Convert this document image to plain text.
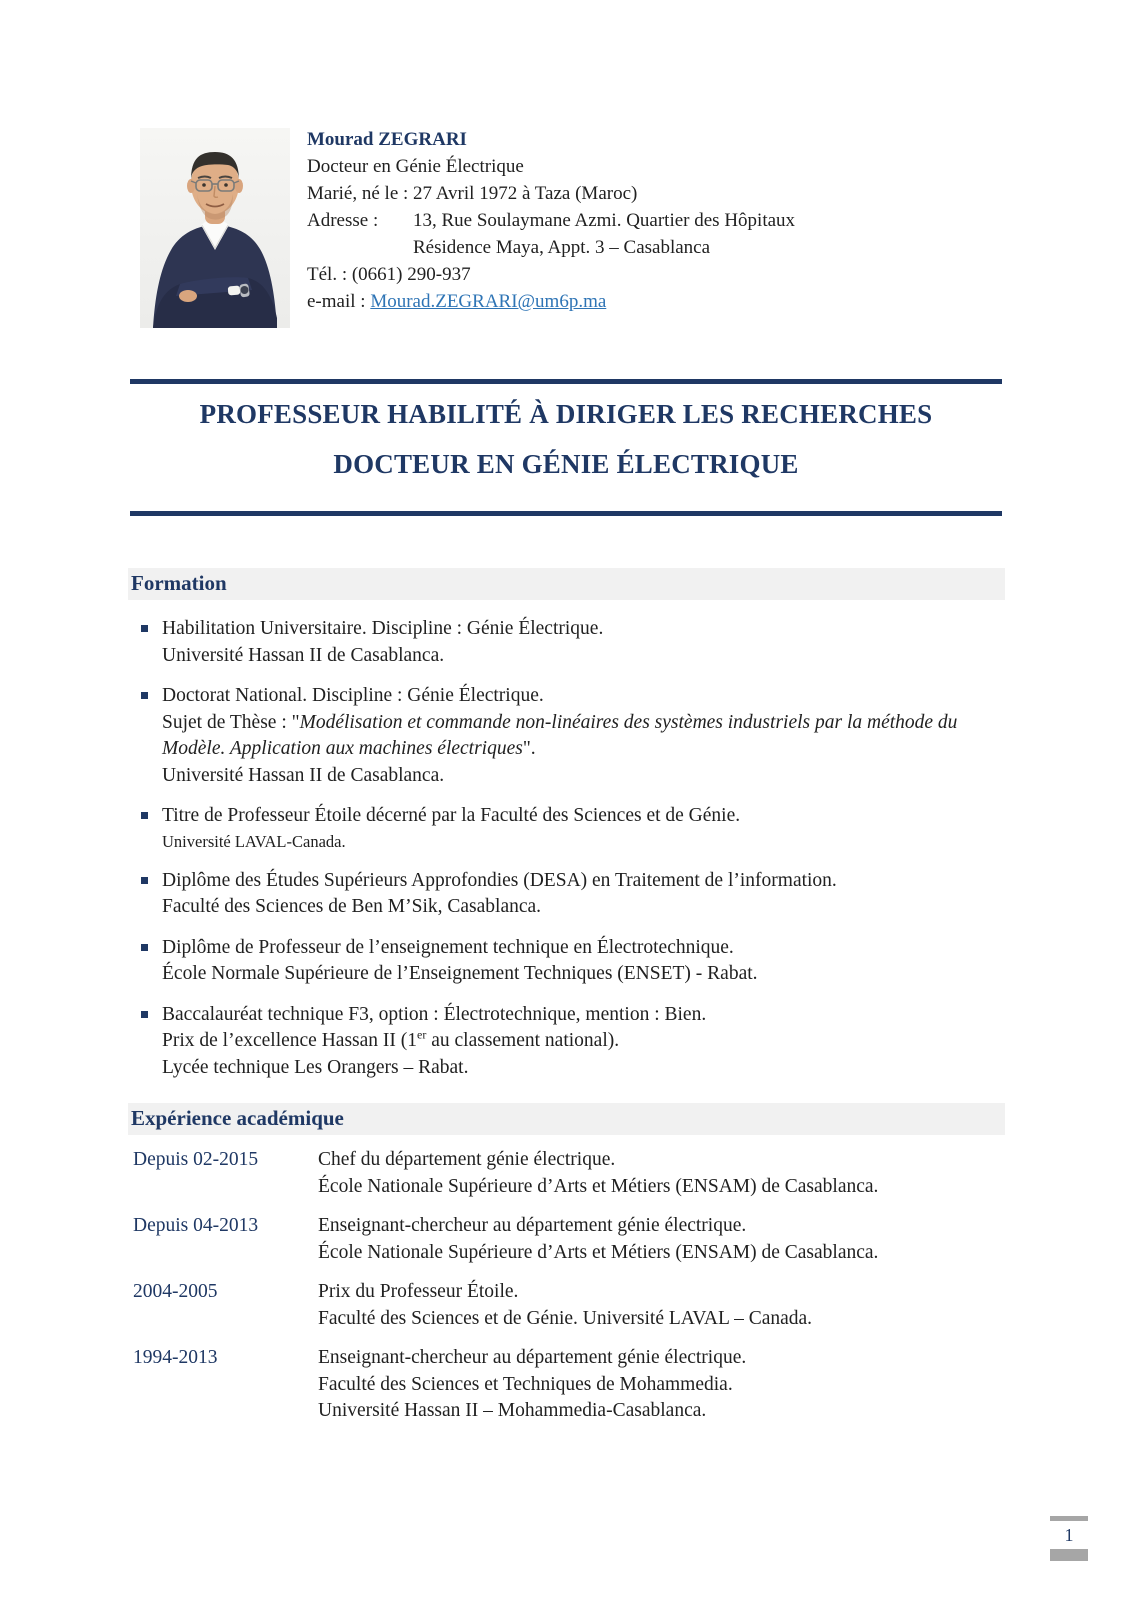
Mourad ZEGRARI
Docteur en Génie Électrique
Marié, né le : 27 Avril 1972 à Taza (Maroc)
Adresse :	13, Rue Soulaymane Azmi. Quartier des Hôpitaux
Résidence Maya, Appt. 3 – Casablanca
Tél. : (0661) 290-937
e-mail : Mourad.ZEGRARI@um6p.ma
PROFESSEUR HABILITÉ À DIRIGER LES RECHERCHES
DOCTEUR EN GÉNIE ÉLECTRIQUE
Formation
Habilitation Universitaire. Discipline : Génie Électrique.
Université Hassan II de Casablanca.
Doctorat National. Discipline : Génie Électrique.
Sujet de Thèse : "Modélisation et commande non-linéaires des systèmes industriels par la méthode du Modèle. Application aux machines électriques".
Université Hassan II de Casablanca.
Titre de Professeur Étoile décerné par la Faculté des Sciences et de Génie.
Université LAVAL-Canada.
Diplôme des Études Supérieurs Approfondies (DESA) en Traitement de l’information.
Faculté des Sciences de Ben M’Sik, Casablanca.
Diplôme de Professeur de l’enseignement technique en Électrotechnique.
École Normale Supérieure de l’Enseignement Techniques (ENSET) - Rabat.
Baccalauréat technique F3, option : Électrotechnique, mention : Bien.
Prix de l’excellence Hassan II (1er au classement national).
Lycée technique Les Orangers – Rabat.
Expérience académique
Depuis 02-2015	Chef du département génie électrique.
École Nationale Supérieure d’Arts et Métiers (ENSAM) de Casablanca.
Depuis 04-2013	Enseignant-chercheur au département génie électrique.
École Nationale Supérieure d’Arts et Métiers (ENSAM) de Casablanca.
2004-2005	Prix du Professeur Étoile.
Faculté des Sciences et de Génie. Université LAVAL – Canada.
1994-2013	Enseignant-chercheur au département génie électrique.
Faculté des Sciences et Techniques de Mohammedia.
Université Hassan II – Mohammedia-Casablanca.
1
